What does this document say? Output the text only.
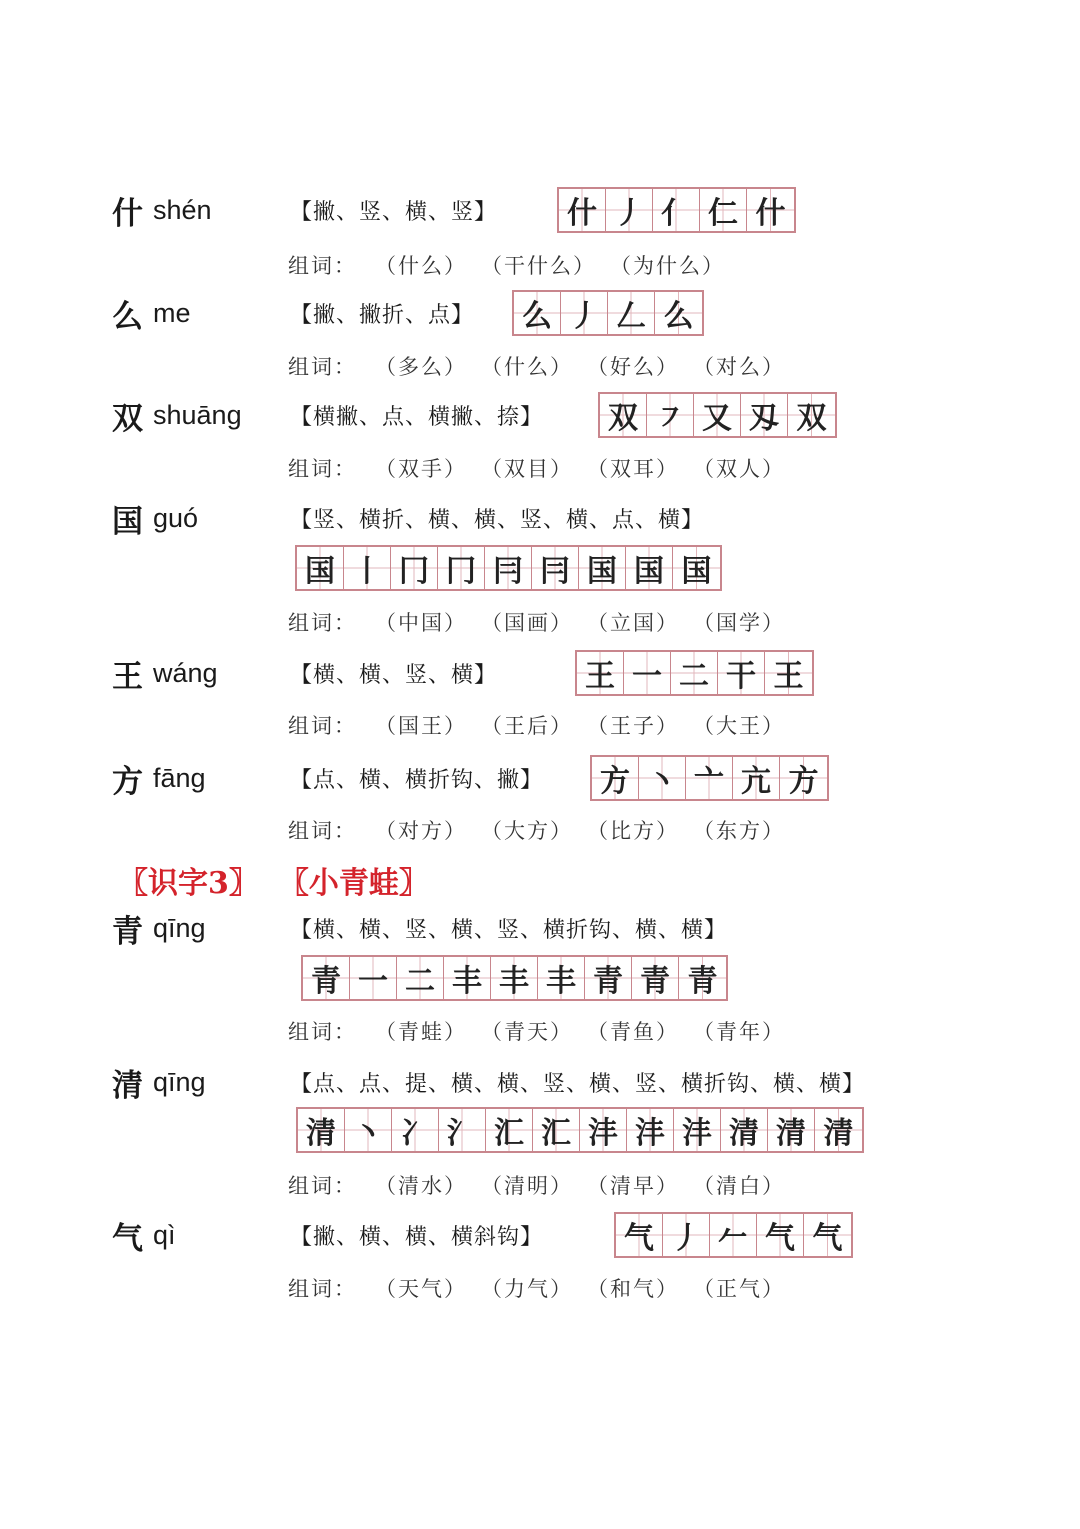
〖识字3〗 〖小青蛙〗
什 shén	【撇、竖、横、竖】 什 丿 亻 仁 什
组词： （什么） （干什么） （为什么）
么 me	【撇、撇折、点】 么 丿 𠃋 么
组词： （多么） （什么） （好么） （对么）
双 shuāng 【横撇、点、横撇、捺】 双 ㇇ 又 刄 双
组词： （双手） （双目） （双耳） （双人）
国 guó	【竖、横折、横、横、竖、横、点、横】
国 丨 冂 冂 冃 冃 国 国 国
组词： （中国） （国画） （立国） （国学）
王 wáng	【横、横、竖、横】	王 一 二 干 王
组词： （国王） （王后） （王子） （大王）
方 fāng	【点、横、横折钩、撇】 方 丶 亠 亢 方
组词： （对方） （大方） （比方） （东方）
青 qīng	【横、横、竖、横、竖、横折钩、横、横】
青 一 二 丰 丰 丰 青 青 青
组词： （青蛙） （青天） （青鱼） （青年）
清 qīng	【点、点、提、横、横、竖、横、竖、横折钩、横、横】
清 丶 冫 氵 汇 汇 沣 沣 沣 清 清 清
组词： （清水） （清明） （清早） （清白）
气 qì	【撇、横、横、横斜钩】	气 丿 𠂉 气 气
组词： （天气） （力气） （和气） （正气）
